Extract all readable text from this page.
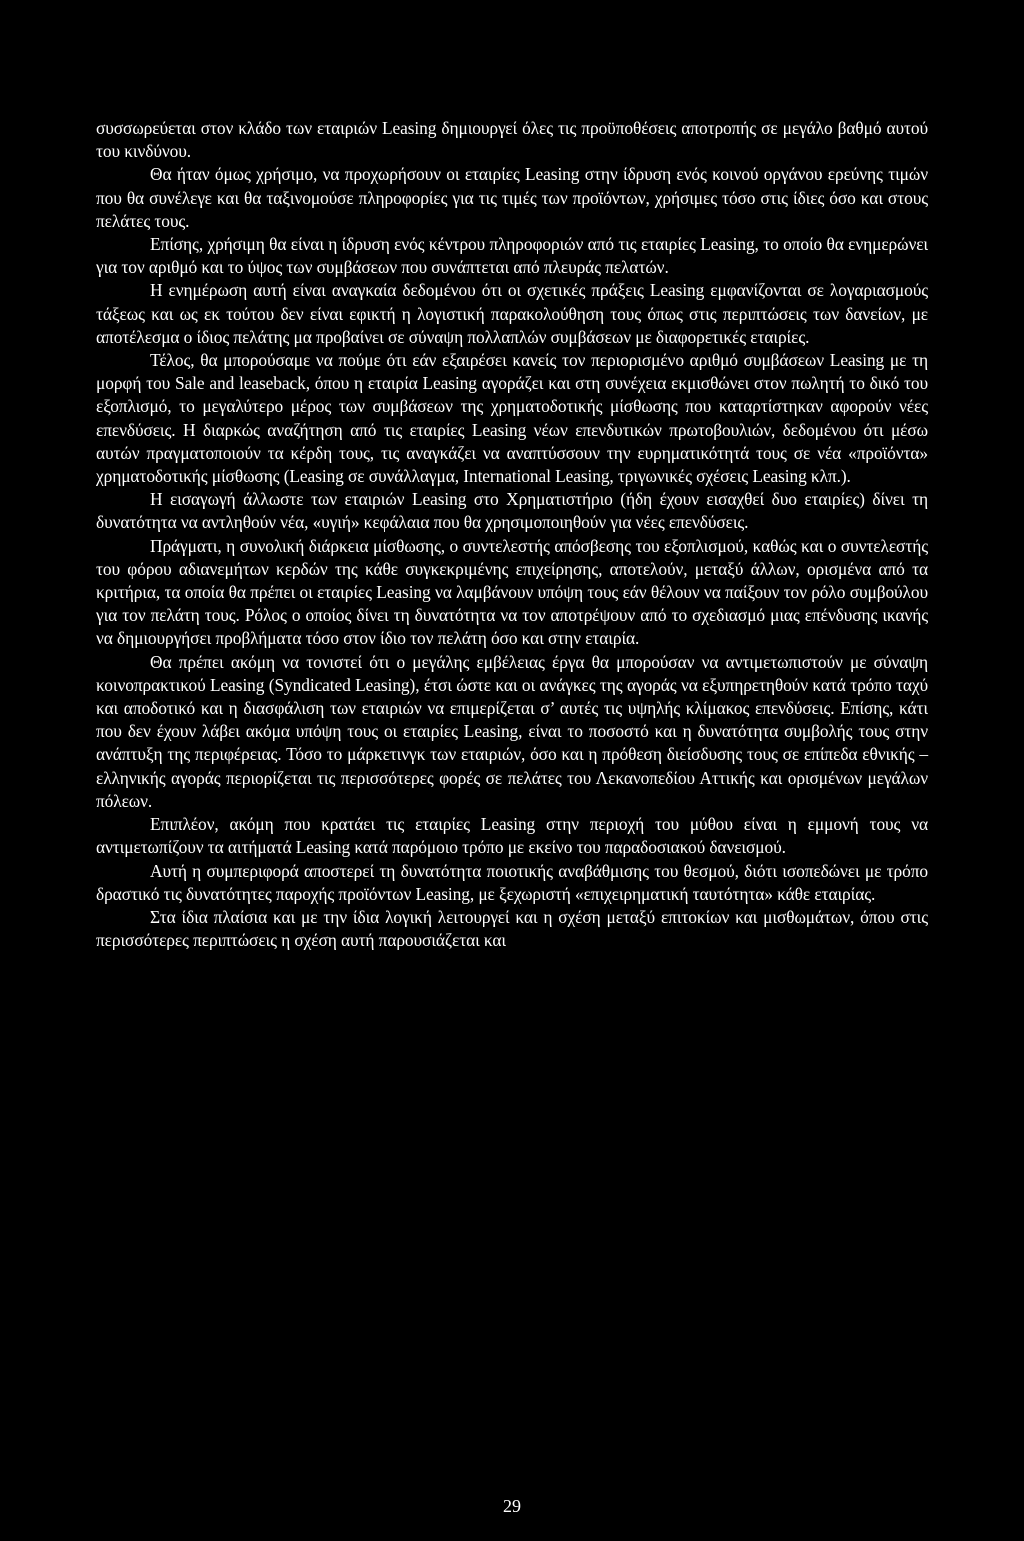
συσσωρεύεται στον κλάδο των εταιριών Leasing δημιουργεί όλες τις προϋποθέσεις αποτροπής σε μεγάλο βαθμό αυτού του κινδύνου.

Θα ήταν όμως χρήσιμο, να προχωρήσουν οι εταιρίες Leasing στην ίδρυση ενός κοινού οργάνου ερεύνης τιμών που θα συνέλεγε και θα ταξινομούσε πληροφορίες για τις τιμές των προϊόντων, χρήσιμες τόσο στις ίδιες όσο και στους πελάτες τους.

Επίσης, χρήσιμη θα είναι η ίδρυση ενός κέντρου πληροφοριών από τις εταιρίες Leasing, το οποίο θα ενημερώνει για τον αριθμό και το ύψος των συμβάσεων που συνάπτεται από πλευράς πελατών.

Η ενημέρωση αυτή είναι αναγκαία δεδομένου ότι οι σχετικές πράξεις Leasing εμφανίζονται σε λογαριασμούς τάξεως και ως εκ τούτου δεν είναι εφικτή η λογιστική παρακολούθηση τους όπως στις περιπτώσεις των δανείων, με αποτέλεσμα ο ίδιος πελάτης μα προβαίνει σε σύναψη πολλαπλών συμβάσεων με διαφορετικές εταιρίες.

Τέλος, θα μπορούσαμε να πούμε ότι εάν εξαιρέσει κανείς τον περιορισμένο αριθμό συμβάσεων Leasing με τη μορφή του Sale and leaseback, όπου η εταιρία Leasing αγοράζει και στη συνέχεια εκμισθώνει στον πωλητή το δικό του εξοπλισμό, το μεγαλύτερο μέρος των συμβάσεων της χρηματοδοτικής μίσθωσης που καταρτίστηκαν αφορούν νέες επενδύσεις. Η διαρκώς αναζήτηση από τις εταιρίες Leasing νέων επενδυτικών πρωτοβουλιών, δεδομένου ότι μέσω αυτών πραγματοποιούν τα κέρδη τους, τις αναγκάζει να αναπτύσσουν την ευρηματικότητά τους σε νέα «προϊόντα» χρηματοδοτικής μίσθωσης (Leasing σε συνάλλαγμα, International Leasing, τριγωνικές σχέσεις Leasing κλπ.).

Η εισαγωγή άλλωστε των εταιριών Leasing στο Χρηματιστήριο (ήδη έχουν εισαχθεί δυο εταιρίες) δίνει τη δυνατότητα να αντληθούν νέα, «υγιή» κεφάλαια που θα χρησιμοποιηθούν για νέες επενδύσεις.

Πράγματι, η συνολική διάρκεια μίσθωσης, ο συντελεστής απόσβεσης του εξοπλισμού, καθώς και ο συντελεστής του φόρου αδιανεμήτων κερδών της κάθε συγκεκριμένης επιχείρησης, αποτελούν, μεταξύ άλλων, ορισμένα από τα κριτήρια, τα οποία θα πρέπει οι εταιρίες Leasing να λαμβάνουν υπόψη τους εάν θέλουν να παίξουν τον ρόλο συμβούλου για τον πελάτη τους. Ρόλος ο οποίος δίνει τη δυνατότητα να τον αποτρέψουν από το σχεδιασμό μιας επένδυσης ικανής να δημιουργήσει προβλήματα τόσο στον ίδιο τον πελάτη όσο και στην εταιρία.

Θα πρέπει ακόμη να τονιστεί ότι ο μεγάλης εμβέλειας έργα θα μπορούσαν να αντιμετωπιστούν με σύναψη κοινοπρακτικού Leasing (Syndicated Leasing), έτσι ώστε και οι ανάγκες της αγοράς να εξυπηρετηθούν κατά τρόπο ταχύ και αποδοτικό και η διασφάλιση των εταιριών να επιμερίζεται σ’ αυτές τις υψηλής κλίμακος επενδύσεις. Επίσης, κάτι που δεν έχουν λάβει ακόμα υπόψη τους οι εταιρίες Leasing, είναι το ποσοστό και η δυνατότητα συμβολής τους στην ανάπτυξη της περιφέρειας. Τόσο το μάρκετινγκ των εταιριών, όσο και η πρόθεση διείσδυσης τους σε επίπεδα εθνικής – ελληνικής αγοράς περιορίζεται τις περισσότερες φορές σε πελάτες του Λεκανοπεδίου Αττικής και ορισμένων μεγάλων πόλεων.

Επιπλέον, ακόμη που κρατάει τις εταιρίες Leasing στην περιοχή του μύθου είναι η εμμονή τους να αντιμετωπίζουν τα αιτήματά Leasing κατά παρόμοιο τρόπο με εκείνο του παραδοσιακού δανεισμού.

Αυτή η συμπεριφορά αποστερεί τη δυνατότητα ποιοτικής αναβάθμισης του θεσμού, διότι ισοπεδώνει με τρόπο δραστικό τις δυνατότητες παροχής προϊόντων Leasing, με ξεχωριστή «επιχειρηματική ταυτότητα» κάθε εταιρίας.

Στα ίδια πλαίσια και με την ίδια λογική λειτουργεί και η σχέση μεταξύ επιτοκίων και μισθωμάτων, όπου στις περισσότερες περιπτώσεις η σχέση αυτή παρουσιάζεται και

29
